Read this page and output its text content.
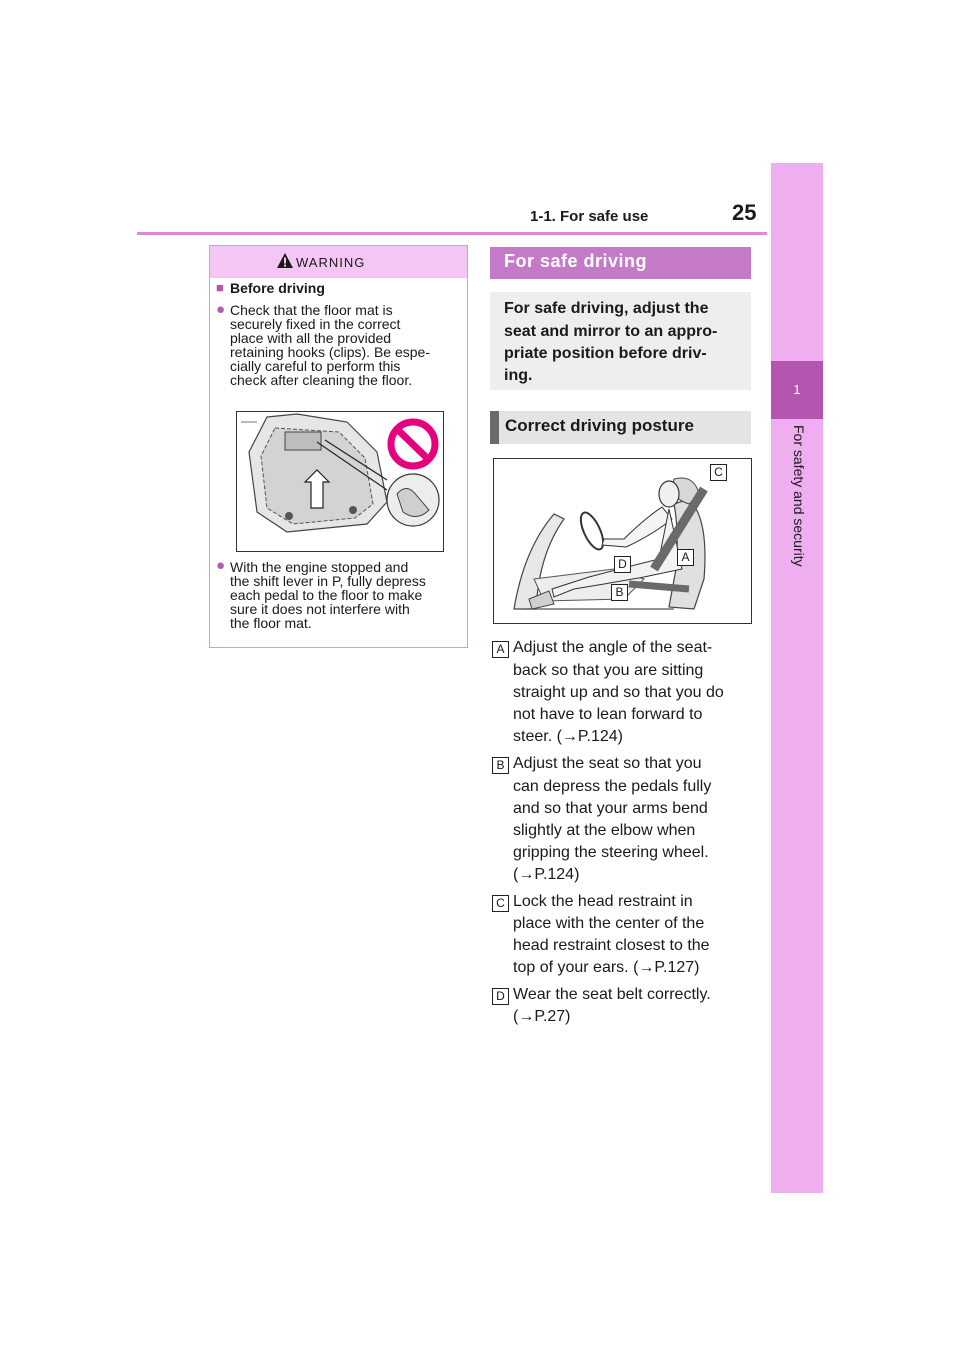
1-1. For safe use	25
1
For safety and security
WARNING
■ Before driving
● Check that the floor mat is
securely fixed in the correct
place with all the provided
retaining hooks (clips). Be espe-
cially careful to perform this
check after cleaning the floor.
● With the engine stopped and
the shift lever in P, fully depress
each pedal to the floor to make
sure it does not interfere with
the floor mat.
For safe driving
For safe driving, adjust the
seat and mirror to an appro-
priate position before driv-
ing.
Correct driving posture
C
A
D
B
A Adjust the angle of the seat-
back so that you are sitting
straight up and so that you do
not have to lean forward to
steer. (→P.124)
B Adjust the seat so that you
can depress the pedals fully
and so that your arms bend
slightly at the elbow when
gripping the steering wheel.
(→P.124)
C Lock the head restraint in
place with the center of the
head restraint closest to the
top of your ears. (→P.127)
D Wear the seat belt correctly.
(→P.27)
